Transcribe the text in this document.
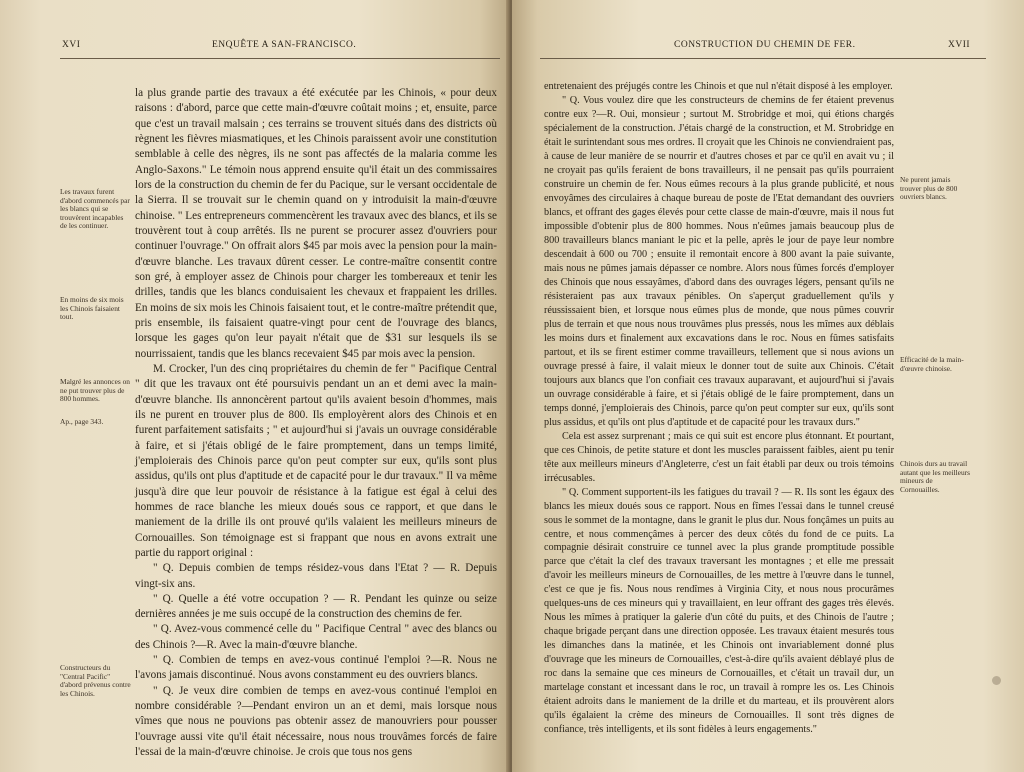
XVI	ENQUÊTE A SAN-FRANCISCO.

la plus grande partie des travaux a été exécutée par les Chinois, « pour deux raisons : d'abord, parce que cette main-d'œuvre coûtait moins ; et, ensuite, parce que c'est un travail malsain ; ces terrains se trouvent situés dans des districts où règnent les fièvres miasmatiques, et les Chinois paraissent avoir une constitution semblable à celle des nègres, ils ne sont pas affectés de la malaria comme les Anglo-Saxons." Le témoin nous apprend ensuite qu'il était un des commissaires lors de la construction du chemin de fer du Pacique, sur le versant occidentale de la Sierra. Il se trouvait sur le chemin quand on y introduisit la main-d'œuvre chinoise. " Les entrepreneurs commencèrent les travaux avec des blancs, et ils se trouvèrent tout à coup arrêtés. Ils ne purent se procurer assez d'ouvriers pour continuer l'ouvrage." On offrait alors $45 par mois avec la pension pour la main-d'œuvre blanche. Les travaux dûrent cesser. Le contre-maître consentit contre son gré, à employer assez de Chinois pour charger les tombereaux et tenir les drilles, tandis que les blancs conduisaient les chevaux et frappaient les drilles. En moins de six mois les Chinois faisaient tout, et le contre-maître prétendit que, pris ensemble, ils faisaient quatre-vingt pour cent de l'ouvrage des blancs, lorsque les gages qu'on leur payait n'était que de $31 sur lesquels ils se nourrissaient, tandis que les blancs recevaient $45 par mois avec la pension.

M. Crocker, l'un des cinq propriétaires du chemin de fer " Pacifique Central " dit que les travaux ont été poursuivis pendant un an et demi avec la main-d'œuvre blanche. Ils annoncèrent partout qu'ils avaient besoin d'hommes, mais ils ne purent en trouver plus de 800. Ils employèrent alors des Chinois et en furent parfaitement satisfaits ; " et aujourd'hui si j'avais un ouvrage considérable à faire, et si j'étais obligé de le faire promptement, dans un temps limité, j'emploierais des Chinois parce qu'on peut compter sur eux, qu'ils sont plus assidus, qu'ils ont plus d'aptitude et de capacité pour le dur travaux." Il va même jusqu'à dire que leur pouvoir de résistance à la fatigue est égal à celui des hommes de race blanche les mieux doués sous ce rapport, et que dans le maniement de la drille ils ont prouvé qu'ils valaient les meilleurs mineurs de Cornouailles. Son témoignage est si frappant que nous en avons extrait une partie du rapport original :

" Q. Depuis combien de temps résidez-vous dans l'Etat ? — R. Depuis vingt-six ans.

" Q. Quelle a été votre occupation ? — R. Pendant les quinze ou seize dernières années je me suis occupé de la construction des chemins de fer.

" Q. Avez-vous commencé celle du " Pacifique Central " avec des blancs ou des Chinois ?—R. Avec la main-d'œuvre blanche.

" Q. Combien de temps en avez-vous continué l'emploi ?—R. Nous ne l'avons jamais discontinué. Nous avons constamment eu des ouvriers blancs.

" Q. Je veux dire combien de temps en avez-vous continué l'emploi en nombre considérable ?—Pendant environ un an et demi, mais lorsque nous vîmes que nous ne pouvions pas obtenir assez de manouvriers pour pousser l'ouvrage aussi vite qu'il était nécessaire, nous nous trouvâmes forcés de faire l'essai de la main-d'œuvre chinoise. Je crois que tous nos gens

Les travaux furent d'abord commencés par les blancs qui se trouvèrent incapables de les continuer.
En moins de six mois les Chinois faisaient tout.
Malgré les annonces on ne put trouver plus de 800 hommes.
Ap., page 343.
Constructeurs du "Central Pacific" d'abord prévenus contre les Chinois.
CONSTRUCTION DU CHEMIN DE FER.	XVII

entretenaient des préjugés contre les Chinois et que nul n'était disposé à les employer.

" Q. Vous voulez dire que les constructeurs de chemins de fer étaient prevenus contre eux ?—R. Oui, monsieur ; surtout M. Strobridge et moi, qui étions chargés spécialement de la construction. J'étais chargé de la construction, et M. Strobridge en était le surintendant sous mes ordres. Il croyait que les Chinois ne conviendraient pas, à cause de leur manière de se nourrir et d'autres choses et par ce qu'il en avait vu ; il ne croyait pas qu'ils feraient de bons travailleurs, il ne pensait pas qu'ils pourraient construire un chemin de fer. Nous eûmes recours à la plus grande publicité, et nous envoyâmes des circulaires à chaque bureau de poste de l'Etat demandant des ouvriers blancs, et offrant des gages élevés pour cette classe de main-d'œuvre, mais il nous fut impossible d'obtenir plus de 800 hommes. Nous n'eûmes jamais beaucoup plus de 800 travailleurs blancs maniant le pic et la pelle, après le jour de paye leur nombre descendait à 600 ou 700 ; ensuite il remontait encore à 800 avant la paie suivante, mais nous ne pûmes jamais dépasser ce nombre. Alors nous fûmes forcés d'employer des Chinois que nous essayâmes, d'abord dans des ouvrages légers, pensant qu'ils ne résisteraient pas aux travaux pénibles. On s'aperçut graduellement qu'ils y réussissaient bien, et lorsque nous eûmes plus de monde, que nous pûmes couvrir plus de terrain et que nous nous trouvâmes plus pressés, nous les mîmes aux déblais les moins durs et finalement aux excavations dans le roc. Nous en fûmes satisfaits partout, et ils se firent estimer comme travailleurs, tellement que si nous avions un ouvrage pressé à faire, il valait mieux le donner tout de suite aux Chinois. C'était toujours aux blancs que l'on confiait ces travaux auparavant, et aujourd'hui si j'avais un ouvrage considérable à faire, et si j'étais obligé de le faire promptement, dans un temps donné, j'emploierais des Chinois, parce qu'on peut compter sur eux, qu'ils sont plus assidus, et qu'ils ont plus d'aptitude et de capacité pour les travaux durs."

Cela est assez surprenant ; mais ce qui suit est encore plus étonnant. Et pourtant, que ces Chinois, de petite stature et dont les muscles paraissent faibles, aient pu tenir tête aux meilleurs mineurs d'Angleterre, c'est un fait établi par deux ou trois témoins irrécusables.

" Q. Comment supportent-ils les fatigues du travail ? — R. Ils sont les égaux des blancs les mieux doués sous ce rapport. Nous en fîmes l'essai dans le tunnel creusé sous le sommet de la montagne, dans le granit le plus dur. Nous fonçâmes un puits au centre, et nous commençâmes à percer des deux côtés du fond de ce puits. La compagnie désirait construire ce tunnel avec la plus grande promptitude possible parce que c'était la clef des travaux traversant les montagnes ; et elle me pressait d'avoir les meilleurs mineurs de Cornouailles, de les mettre à l'œuvre dans le tunnel, c'est ce que je fis. Nous nous rendîmes à Virginia City, et nous nous procurâmes quelques-uns de ces mineurs qui y travaillaient, en leur offrant des gages très élevés. Nous les mîmes à pratiquer la galerie d'un côté du puits, et des Chinois de l'autre ; chaque brigade perçant dans une direction opposée. Les travaux étaient mesurés tous les dimanches dans la matinée, et les Chinois ont invariablement donné plus d'ouvrage que les mineurs de Cornouailles, c'est-à-dire qu'ils avaient déblayé plus de roc dans la semaine que ces mineurs de Cornouailles, et c'était un travail dur, un martelage constant et incessant dans le roc, un travail à rompre les os. Les Chinois étaient adroits dans le maniement de la drille et du marteau, et ils prouvèrent alors qu'ils égalaient la crème des mineurs de Cornouailles. Il sont très dignes de confiance, très intelligents, et ils sont fidèles à leurs engagements."

Ne purent jamais trouver plus de 800 ouvriers blancs.
Efficacité de la main-d'œuvre chinoise.
Chinois durs au travail autant que les meilleurs mineurs de Cornouailles.
